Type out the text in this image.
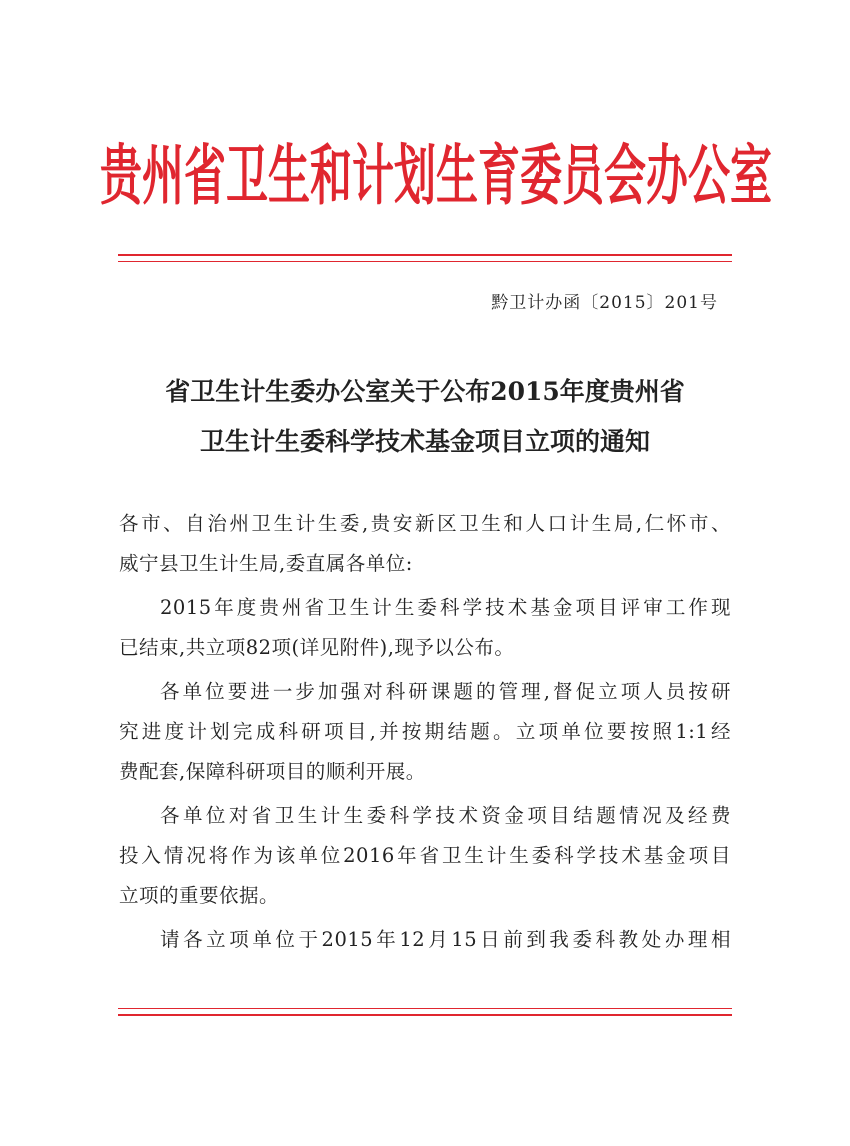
贵州省卫生和计划生育委员会办公室
黔卫计办函〔2015〕201号
省卫生计生委办公室关于公布2015年度贵州省
卫生计生委科学技术基金项目立项的通知
各市、自治州卫生计生委,贵安新区卫生和人口计生局,仁怀市、
威宁县卫生计生局,委直属各单位:
2015年度贵州省卫生计生委科学技术基金项目评审工作现
已结束,共立项82项(详见附件),现予以公布。
各单位要进一步加强对科研课题的管理,督促立项人员按研
究进度计划完成科研项目,并按期结题。立项单位要按照1:1经
费配套,保障科研项目的顺利开展。
各单位对省卫生计生委科学技术资金项目结题情况及经费
投入情况将作为该单位2016年省卫生计生委科学技术基金项目
立项的重要依据。
请各立项单位于2015年12月15日前到我委科教处办理相
